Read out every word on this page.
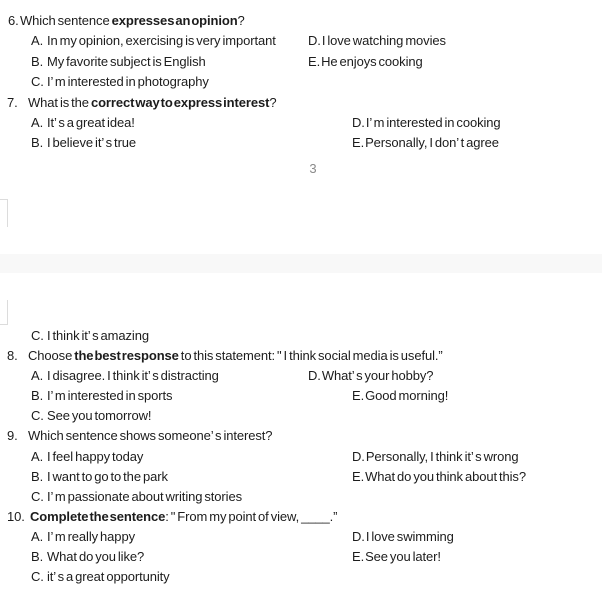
6.Which sentence expresses an opinion?
A. In my opinion, exercising is very important D.I love watching movies
B. My favorite subject is English	E.He enjoys cooking
C. I’ m interested in photography
7. What is the correct way to express interest?
A. It’ s a great idea!	D.I’ m interested in cooking
B. I believe it’ s true	E.Personally, I don’ t agree
3
C. I think it’ s amazing
8. Choose the best response to this statement: " I think social media is useful.”
A. I disagree. I think it’ s distracting	D.What’ s your hobby?
B. I’ m interested in sports	E.Good morning!
C. See you tomorrow!
9. Which sentence shows someone’ s interest?
A. I feel happy today	D.Personally, I think it’ s wrong
B. I want to go to the park	E.What do you think about this?
C. I’ m passionate about writing stories
10. Complete the sentence: " From my point of view, ____.”
A. I’ m really happy	D.I love swimming
B. What do you like?	E.See you later!
C. it’ s a great opportunity
